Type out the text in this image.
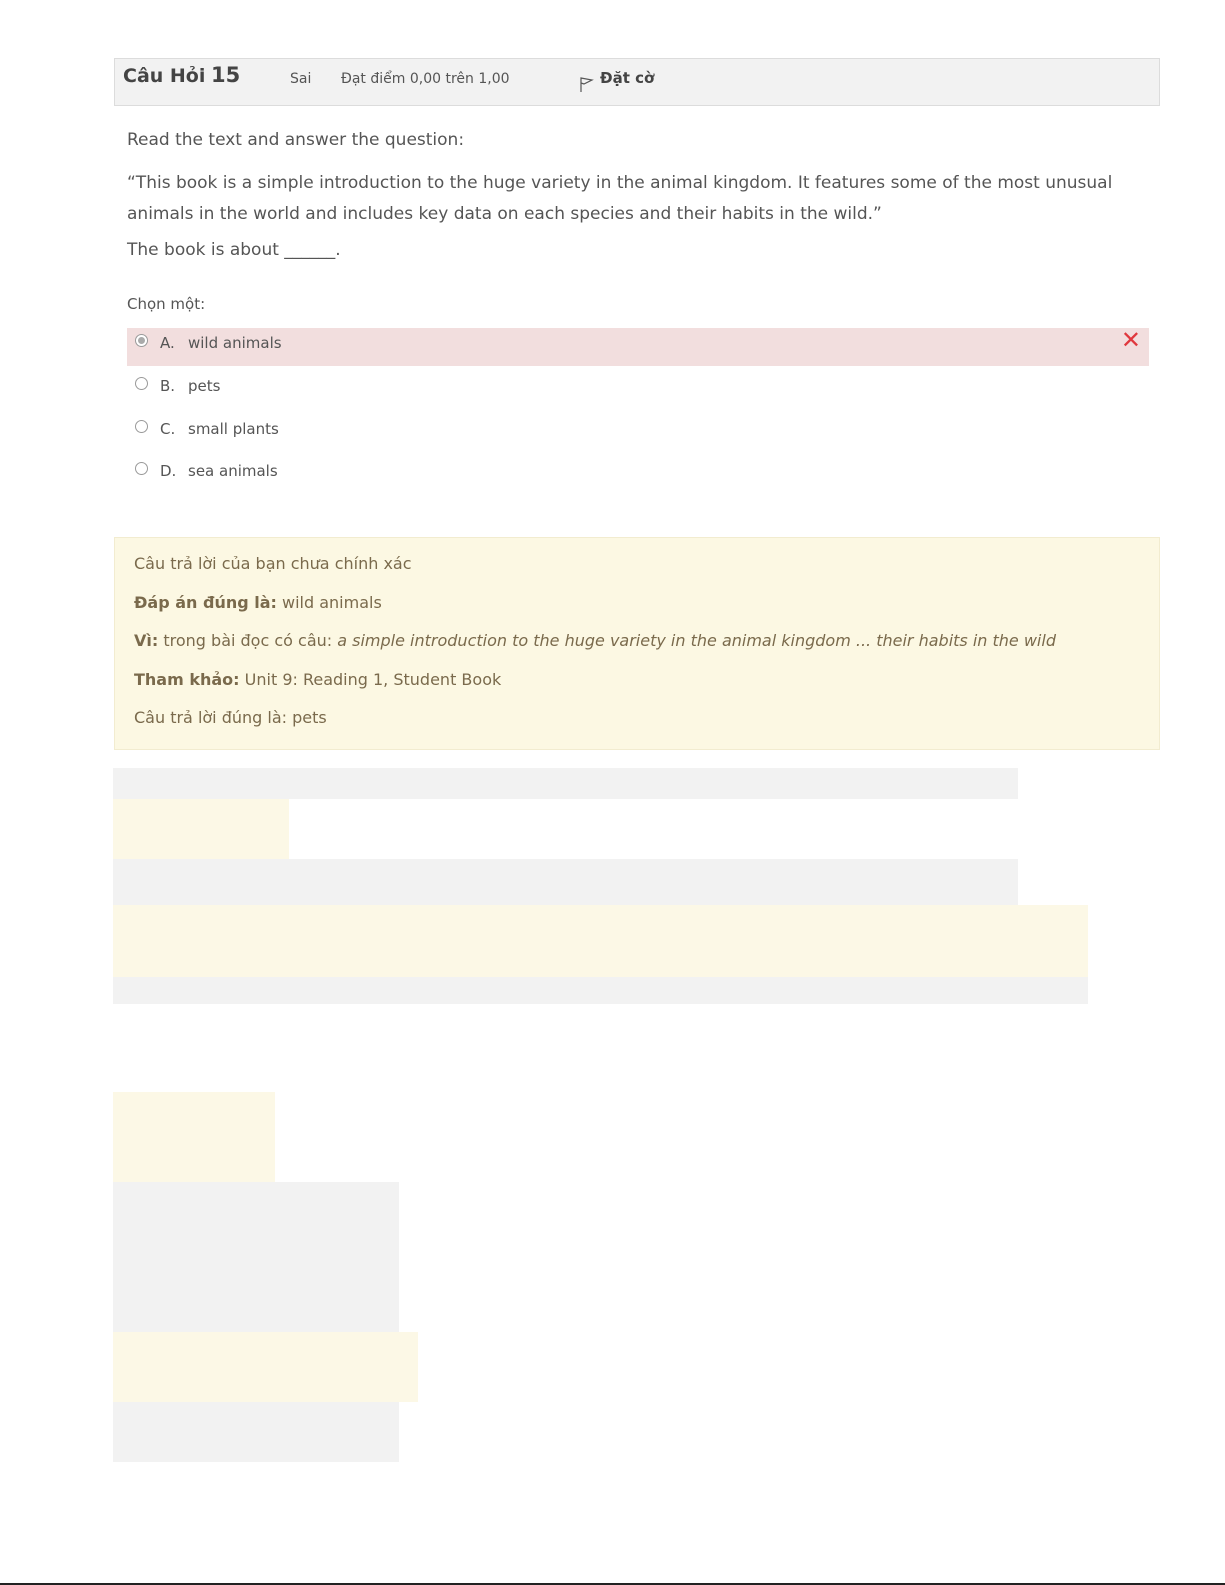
Câu Hỏi 15	Sai Đạt điểm 0,00 trên 1,00	Đặt cờ
Read the text and answer the question:
“This book is a simple introduction to the huge variety in the animal kingdom. It features some of the most unusual animals in the world and includes key data on each species and their habits in the wild.”
The book is about ______.
Chọn một:
A. wild animals	✕
B. pets
C. small plants
D. sea animals
Câu trả lời của bạn chưa chính xác
Đáp án đúng là: wild animals
Vì: trong bài đọc có câu: a simple introduction to the huge variety in the animal kingdom ... their habits in the wild
Tham khảo: Unit 9: Reading 1, Student Book
Câu trả lời đúng là: pets
